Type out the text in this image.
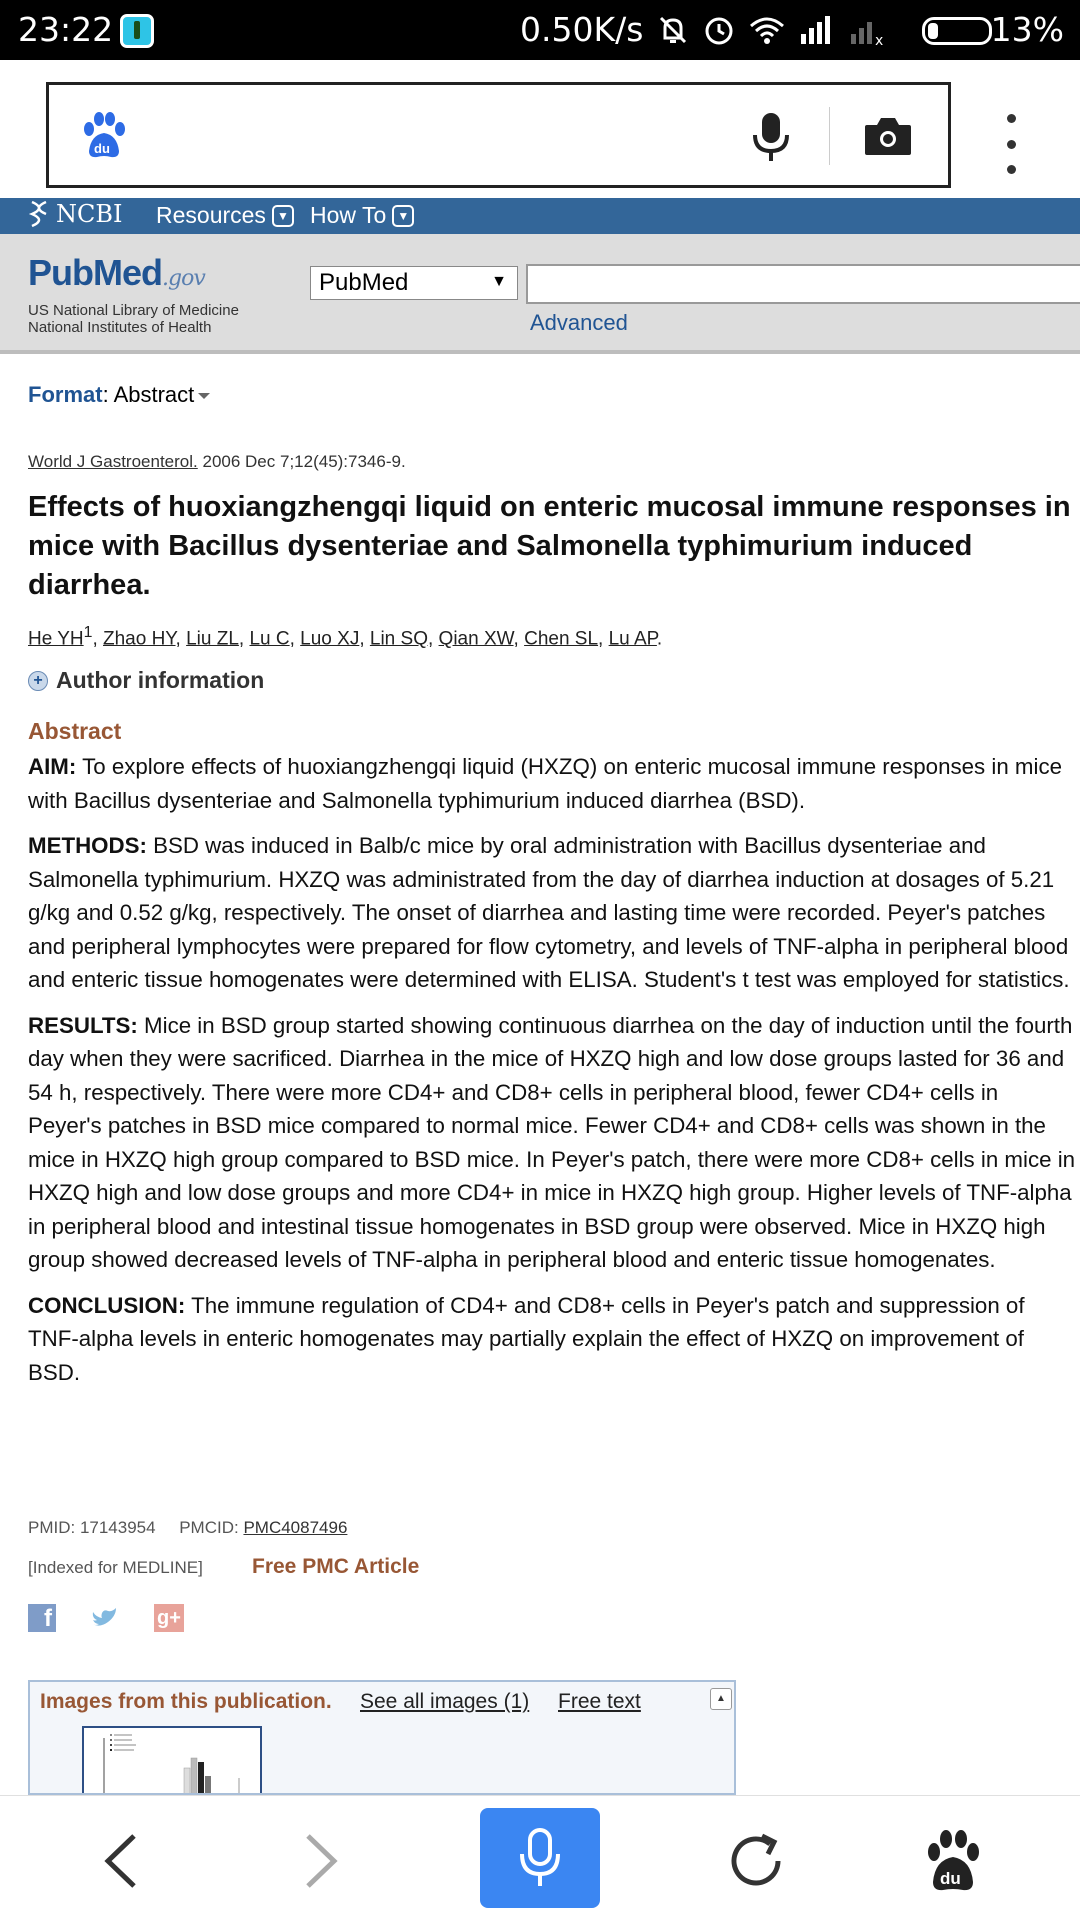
23:22	0.50K/s	x	13%
du
NCBI Resources ▼ How To ▼
PubMed.gov
US National Library of Medicine
National Institutes of Health
PubMed	▼
Advanced
Format: Abstract
World J Gastroenterol. 2006 Dec 7;12(45):7346-9.
Effects of huoxiangzhengqi liquid on enteric mucosal immune responses in mice with Bacillus dysenteriae and Salmonella typhimurium induced diarrhea.
He $YH^1$, Zhao HY, Liu ZL, Lu C, Luo XJ, Lin SQ, Qian XW, Chen SL, Lu AP.
+ Author information
Abstract

AIM: To explore effects of huoxiangzhengqi liquid (HXZQ) on enteric mucosal immune responses in mice with Bacillus dysenteriae and Salmonella typhimurium induced diarrhea (BSD).

METHODS: BSD was induced in Balb/c mice by oral administration with Bacillus dysenteriae and Salmonella typhimurium. HXZQ was administrated from the day of diarrhea induction at dosages of 5.21 g/kg and 0.52 g/kg, respectively. The onset of diarrhea and lasting time were recorded. Peyer's patches and peripheral lymphocytes were prepared for flow cytometry, and levels of TNF-alpha in peripheral blood and enteric tissue homogenates were determined with ELISA. Student's t test was employed for statistics.

RESULTS: Mice in BSD group started showing continuous diarrhea on the day of induction until the fourth day when they were sacrificed. Diarrhea in the mice of HXZQ high and low dose groups lasted for 36 and 54 h, respectively. There were more CD4+ and CD8+ cells in peripheral blood, fewer CD4+ cells in Peyer's patches in BSD mice compared to normal mice. Fewer CD4+ and CD8+ cells was shown in the mice in HXZQ high group compared to BSD mice. In Peyer's patch, there were more CD8+ cells in mice in HXZQ high and low dose groups and more CD4+ in mice in HXZQ high group. Higher levels of TNF-alpha in peripheral blood and intestinal tissue homogenates in BSD group were observed. Mice in HXZQ high group showed decreased levels of TNF-alpha in peripheral blood and enteric tissue homogenates.

CONCLUSION: The immune regulation of CD4+ and CD8+ cells in Peyer's patch and suppression of TNF-alpha levels in enteric homogenates may partially explain the effect of HXZQ on improvement of BSD.

PMID: 17143954 PMCID: PMC4087496
[Indexed for MEDLINE] Free PMC Article
f	g+
Images from this publication. See all images (1) Free text	▲
du
